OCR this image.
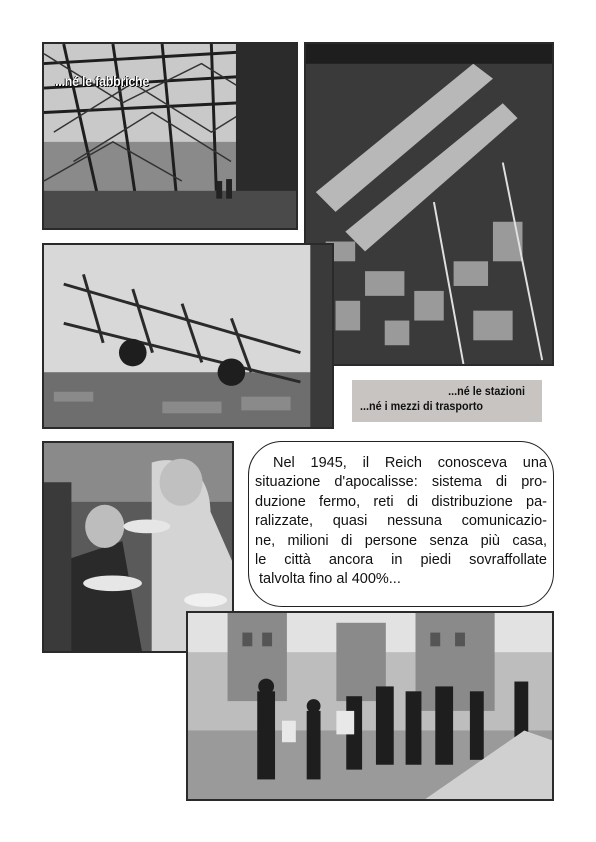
...né le fabbriche
...né le stazioni
...né i mezzi di trasporto

Nel 1945, il Reich conosceva una
situazione d'apocalisse: sistema di pro-
duzione fermo, reti di distribuzione pa-
ralizzate, quasi nessuna comunicazio-
ne, milioni di persone senza più casa,
le città ancora in piedi sovraffollate
talvolta fino al 400%...
